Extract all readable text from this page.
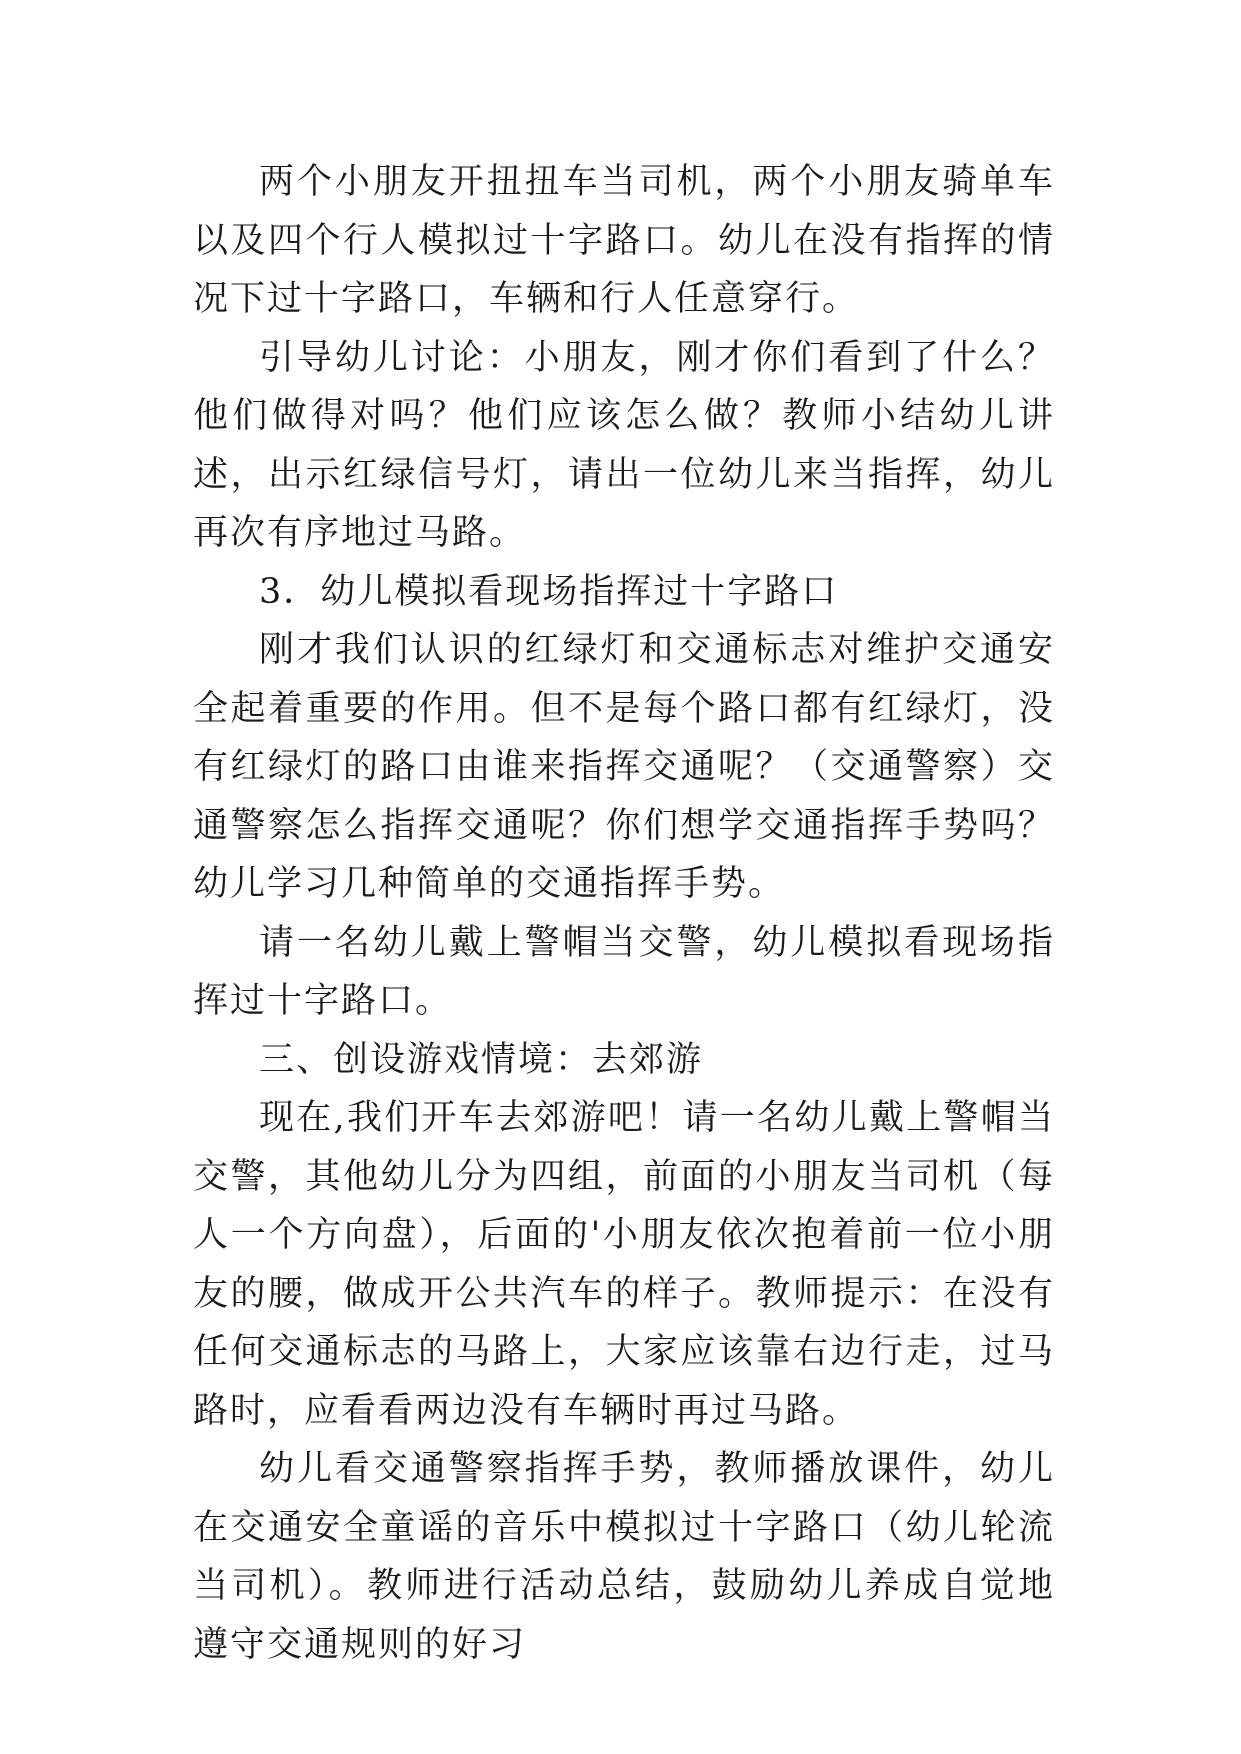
两个小朋友开扭扭车当司机，两个小朋友骑单车以及四个行人模拟过十字路口。幼儿在没有指挥的情况下过十字路口，车辆和行人任意穿行。

引导幼儿讨论：小朋友，刚才你们看到了什么？他们做得对吗？他们应该怎么做？教师小结幼儿讲述，出示红绿信号灯，请出一位幼儿来当指挥，幼儿再次有序地过马路。

3．幼儿模拟看现场指挥过十字路口

刚才我们认识的红绿灯和交通标志对维护交通安全起着重要的作用。但不是每个路口都有红绿灯，没有红绿灯的路口由谁来指挥交通呢？（交通警察）交通警察怎么指挥交通呢？你们想学交通指挥手势吗？幼儿学习几种简单的交通指挥手势。

请一名幼儿戴上警帽当交警，幼儿模拟看现场指挥过十字路口。

三、创设游戏情境：去郊游

现在,我们开车去郊游吧！请一名幼儿戴上警帽当交警，其他幼儿分为四组，前面的小朋友当司机（每人一个方向盘），后面的'小朋友依次抱着前一位小朋友的腰，做成开公共汽车的样子。教师提示：在没有任何交通标志的马路上，大家应该靠右边行走，过马路时，应看看两边没有车辆时再过马路。

幼儿看交通警察指挥手势，教师播放课件，幼儿在交通安全童谣的音乐中模拟过十字路口（幼儿轮流当司机）。教师进行活动总结，鼓励幼儿养成自觉地遵守交通规则的好习
